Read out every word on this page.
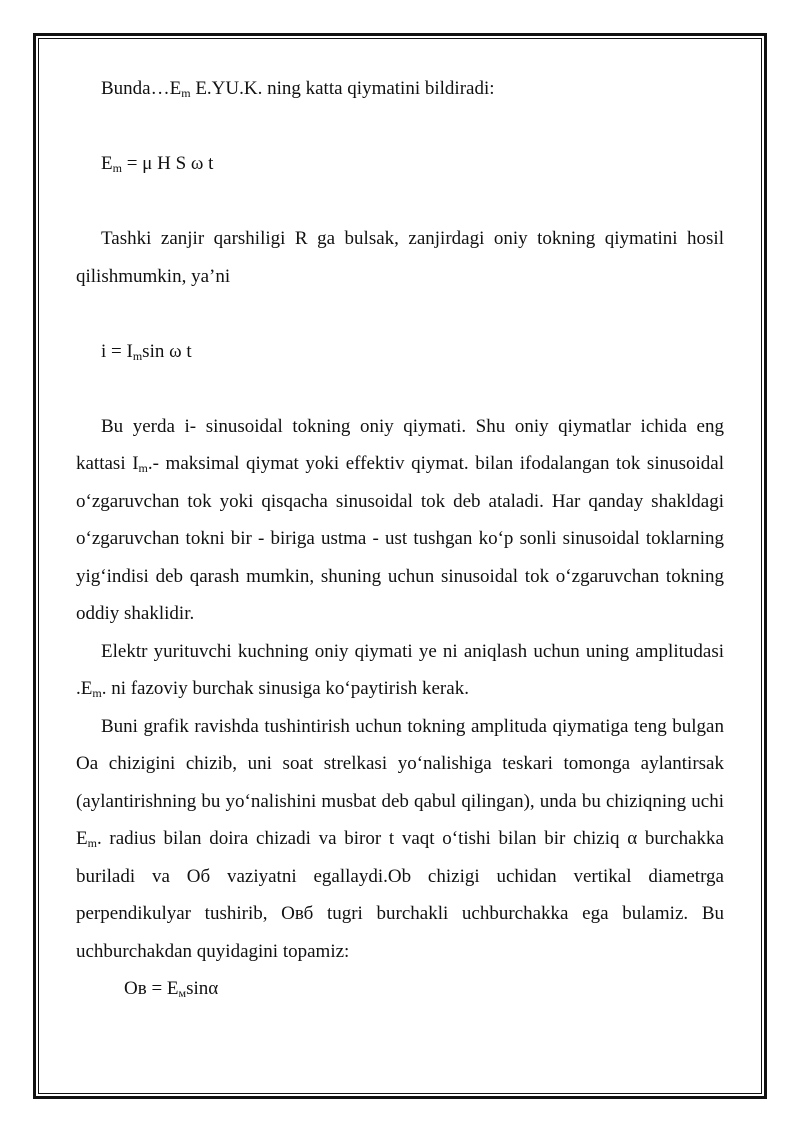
$Bunda\dots E_m$ E.YU.K. ning katta qiymatini bildiradi:

$E_m = \mu$ H S ω t

Tashki zanjir qarshiligi R ga bulsak, zanjirdagi oniy tokning qiymatini hosil qilishmumkin, ya’ni

$i = I_m\sin$ ω t

Bu yerda i- sinusoidal tokning oniy qiymati. Shu oniy qiymatlar ichida eng kattasi $I_m.-$ maksimal qiymat yoki effektiv qiymat. bilan ifodalangan tok sinusoidal o‘zgaruvchan tok yoki qisqacha sinusoidal tok deb ataladi. Har qanday shakldagi o‘zgaruvchan tokni bir - biriga ustma - ust tushgan ko‘p sonli sinusoidal toklarning yig‘indisi deb qarash mumkin, shuning uchun sinusoidal tok o‘zgaruvchan tokning oddiy shaklidir.

Elektr yurituvchi kuchning oniy qiymati ye ni aniqlash uchun uning amplitudasi $.E_m$. ni fazoviy burchak sinusiga ko‘paytirish kerak.

Buni grafik ravishda tushintirish uchun tokning amplituda qiymatiga teng bulgan Oa chizigini chizib, uni soat strelkasi yo‘nalishiga teskari tomonga aylantirsak (aylantirishning bu yo‘nalishini musbat deb qabul qilingan), unda bu chiziqning uchi $E_m$. radius bilan doira chizadi va biror t vaqt o‘tishi bilan bir chiziq α burchakka buriladi va Oб vaziyatni egallaydi.Ob chizigi uchidan vertikal diametrga perpendikulyar tushirib, Oвб tugri burchakli uchburchakka ega bulamiz. Bu uchburchakdan quyidagini topamiz:

Oв = $E_м\sin\alpha$
